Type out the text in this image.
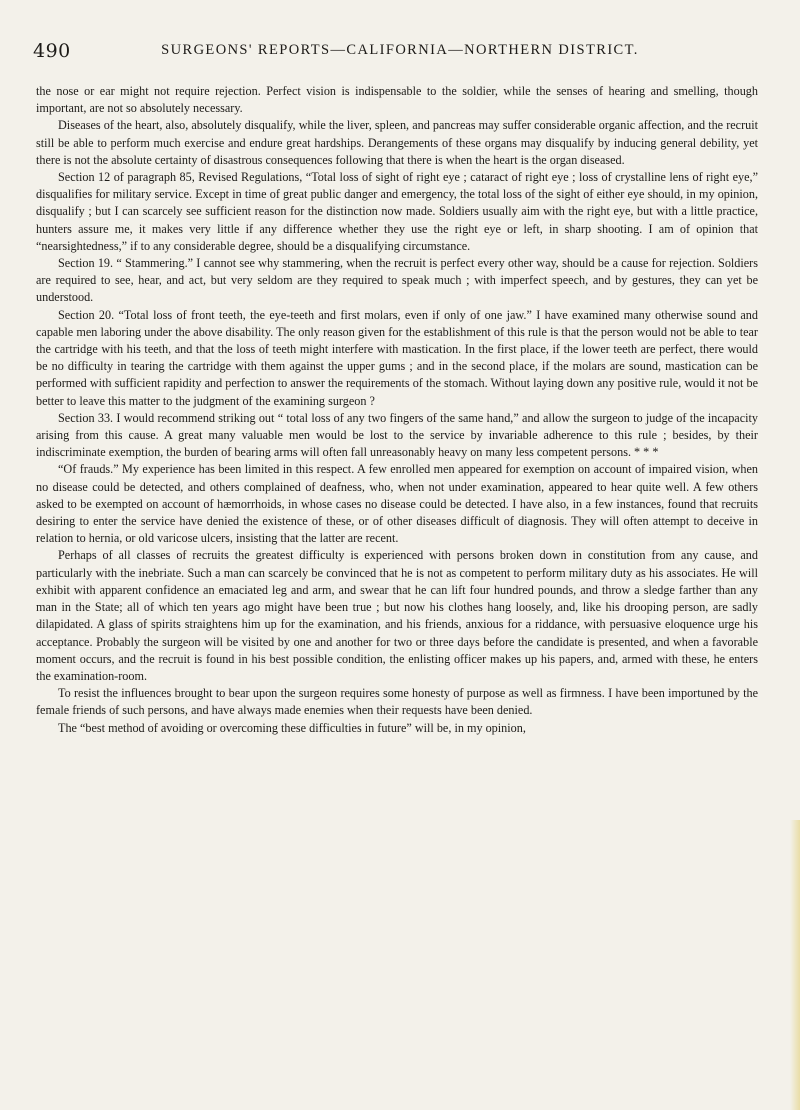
490	SURGEONS' REPORTS—CALIFORNIA—NORTHERN DISTRICT.

the nose or ear might not require rejection. Perfect vision is indispensable to the soldier, while the senses of hearing and smelling, though important, are not so absolutely necessary.

Diseases of the heart, also, absolutely disqualify, while the liver, spleen, and pancreas may suffer considerable organic affection, and the recruit still be able to perform much exercise and endure great hardships. Derangements of these organs may disqualify by inducing general debility, yet there is not the absolute certainty of disastrous consequences following that there is when the heart is the organ diseased.

Section 12 of paragraph 85, Revised Regulations, “Total loss of sight of right eye ; cataract of right eye ; loss of crystalline lens of right eye,” disqualifies for military service. Except in time of great public danger and emergency, the total loss of the sight of either eye should, in my opinion, disqualify ; but I can scarcely see sufficient reason for the distinction now made. Soldiers usually aim with the right eye, but with a little practice, hunters assure me, it makes very little if any difference whether they use the right eye or left, in sharp shooting. I am of opinion that “nearsightedness,” if to any considerable degree, should be a disqualifying circumstance.

Section 19. “ Stammering.” I cannot see why stammering, when the recruit is perfect every other way, should be a cause for rejection. Soldiers are required to see, hear, and act, but very seldom are they required to speak much ; with imperfect speech, and by gestures, they can yet be understood.

Section 20. “Total loss of front teeth, the eye-teeth and first molars, even if only of one jaw.” I have examined many otherwise sound and capable men laboring under the above disability. The only reason given for the establishment of this rule is that the person would not be able to tear the cartridge with his teeth, and that the loss of teeth might interfere with mastication. In the first place, if the lower teeth are perfect, there would be no difficulty in tearing the cartridge with them against the upper gums ; and in the second place, if the molars are sound, mastication can be performed with sufficient rapidity and perfection to answer the requirements of the stomach. Without laying down any positive rule, would it not be better to leave this matter to the judgment of the examining surgeon ?

Section 33. I would recommend striking out “ total loss of any two fingers of the same hand,” and allow the surgeon to judge of the incapacity arising from this cause. A great many valuable men would be lost to the service by invariable adherence to this rule ; besides, by their indiscriminate exemption, the burden of bearing arms will often fall unreasonably heavy on many less competent persons. * * *

“Of frauds.” My experience has been limited in this respect. A few enrolled men appeared for exemption on account of impaired vision, when no disease could be detected, and others complained of deafness, who, when not under examination, appeared to hear quite well. A few others asked to be exempted on account of hæmorrhoids, in whose cases no disease could be detected. I have also, in a few instances, found that recruits desiring to enter the service have denied the existence of these, or of other diseases difficult of diagnosis. They will often attempt to deceive in relation to hernia, or old varicose ulcers, insisting that the latter are recent.

Perhaps of all classes of recruits the greatest difficulty is experienced with persons broken down in constitution from any cause, and particularly with the inebriate. Such a man can scarcely be convinced that he is not as competent to perform military duty as his associates. He will exhibit with apparent confidence an emaciated leg and arm, and swear that he can lift four hundred pounds, and throw a sledge farther than any man in the State; all of which ten years ago might have been true ; but now his clothes hang loosely, and, like his drooping person, are sadly dilapidated. A glass of spirits straightens him up for the examination, and his friends, anxious for a riddance, with persuasive eloquence urge his acceptance. Probably the surgeon will be visited by one and another for two or three days before the candidate is presented, and when a favorable moment occurs, and the recruit is found in his best possible condition, the enlisting officer makes up his papers, and, armed with these, he enters the examination-room.

To resist the influences brought to bear upon the surgeon requires some honesty of purpose as well as firmness. I have been importuned by the female friends of such persons, and have always made enemies when their requests have been denied.

The “best method of avoiding or overcoming these difficulties in future” will be, in my opinion,
